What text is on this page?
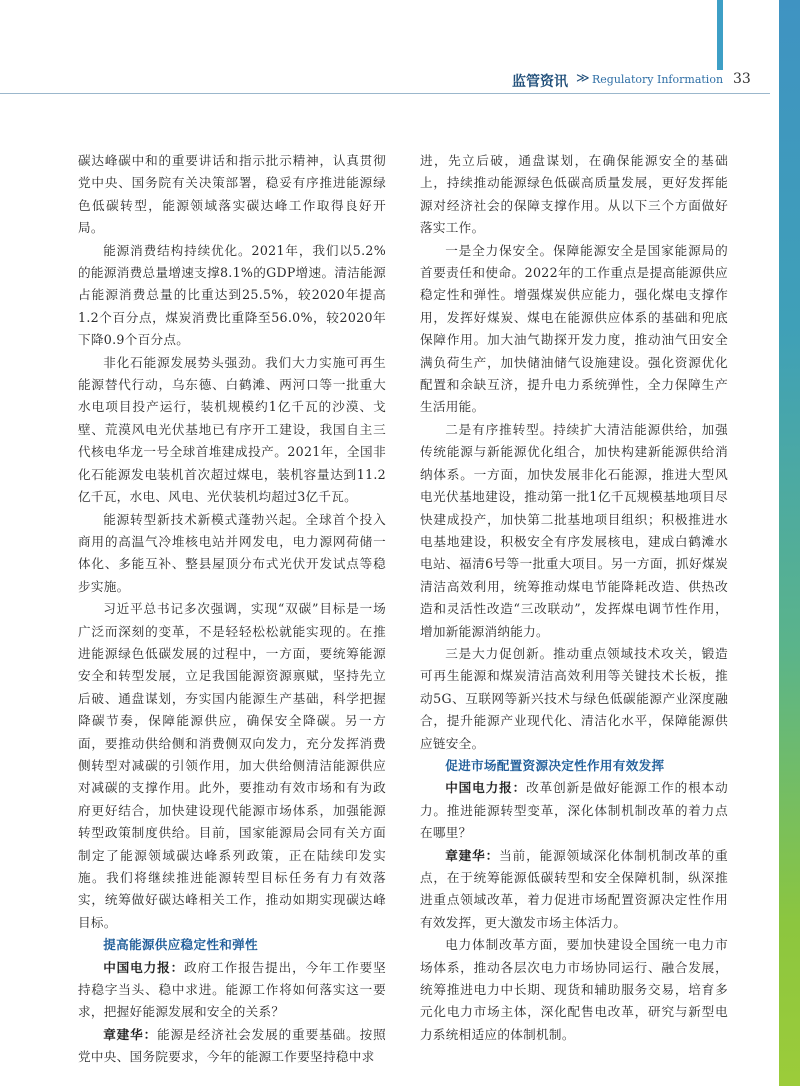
监管资讯 ≫ Regulatory Information 33

碳达峰碳中和的重要讲话和指示批示精神，认真贯彻党中央、国务院有关决策部署，稳妥有序推进能源绿色低碳转型，能源领域落实碳达峰工作取得良好开局。

能源消费结构持续优化。2021年，我们以5.2%的能源消费总量增速支撑8.1%的GDP增速。清洁能源占能源消费总量的比重达到25.5%，较2020年提高1.2个百分点，煤炭消费比重降至56.0%，较2020年下降0.9个百分点。

非化石能源发展势头强劲。我们大力实施可再生能源替代行动，乌东德、白鹤滩、两河口等一批重大水电项目投产运行，装机规模约1亿千瓦的沙漠、戈壁、荒漠风电光伏基地已有序开工建设，我国自主三代核电华龙一号全球首堆建成投产。2021年，全国非化石能源发电装机首次超过煤电，装机容量达到11.2亿千瓦，水电、风电、光伏装机均超过3亿千瓦。

能源转型新技术新模式蓬勃兴起。全球首个投入商用的高温气冷堆核电站并网发电，电力源网荷储一体化、多能互补、整县屋顶分布式光伏开发试点等稳步实施。

习近平总书记多次强调，实现“双碳”目标是一场广泛而深刻的变革，不是轻轻松松就能实现的。在推进能源绿色低碳发展的过程中，一方面，要统筹能源安全和转型发展，立足我国能源资源禀赋，坚持先立后破、通盘谋划，夯实国内能源生产基础，科学把握降碳节奏，保障能源供应，确保安全降碳。另一方面，要推动供给侧和消费侧双向发力，充分发挥消费侧转型对减碳的引领作用，加大供给侧清洁能源供应对减碳的支撑作用。此外，要推动有效市场和有为政府更好结合，加快建设现代能源市场体系，加强能源转型政策制度供给。目前，国家能源局会同有关方面制定了能源领域碳达峰系列政策，正在陆续印发实施。我们将继续推进能源转型目标任务有力有效落实，统筹做好碳达峰相关工作，推动如期实现碳达峰目标。

提高能源供应稳定性和弹性

中国电力报：政府工作报告提出，今年工作要坚持稳字当头、稳中求进。能源工作将如何落实这一要求，把握好能源发展和安全的关系？

章建华：能源是经济社会发展的重要基础。按照党中央、国务院要求，今年的能源工作要坚持稳中求

进，先立后破，通盘谋划，在确保能源安全的基础上，持续推动能源绿色低碳高质量发展，更好发挥能源对经济社会的保障支撑作用。从以下三个方面做好落实工作。

一是全力保安全。保障能源安全是国家能源局的首要责任和使命。2022年的工作重点是提高能源供应稳定性和弹性。增强煤炭供应能力，强化煤电支撑作用，发挥好煤炭、煤电在能源供应体系的基础和兜底保障作用。加大油气勘探开发力度，推动油气田安全满负荷生产，加快储油储气设施建设。强化资源优化配置和余缺互济，提升电力系统弹性，全力保障生产生活用能。

二是有序推转型。持续扩大清洁能源供给，加强传统能源与新能源优化组合，加快构建新能源供给消纳体系。一方面，加快发展非化石能源，推进大型风电光伏基地建设，推动第一批1亿千瓦规模基地项目尽快建成投产，加快第二批基地项目组织；积极推进水电基地建设，积极安全有序发展核电，建成白鹤滩水电站、福清6号等一批重大项目。另一方面，抓好煤炭清洁高效利用，统筹推动煤电节能降耗改造、供热改造和灵活性改造“三改联动”，发挥煤电调节性作用，增加新能源消纳能力。

三是大力促创新。推动重点领域技术攻关，锻造可再生能源和煤炭清洁高效利用等关键技术长板，推动5G、互联网等新兴技术与绿色低碳能源产业深度融合，提升能源产业现代化、清洁化水平，保障能源供应链安全。

促进市场配置资源决定性作用有效发挥

中国电力报：改革创新是做好能源工作的根本动力。推进能源转型变革，深化体制机制改革的着力点在哪里？

章建华：当前，能源领域深化体制机制改革的重点，在于统筹能源低碳转型和安全保障机制，纵深推进重点领域改革，着力促进市场配置资源决定性作用有效发挥，更大激发市场主体活力。

电力体制改革方面，要加快建设全国统一电力市场体系，推动各层次电力市场协同运行、融合发展，统筹推进电力中长期、现货和辅助服务交易，培育多元化电力市场主体，深化配售电改革，研究与新型电力系统相适应的体制机制。
